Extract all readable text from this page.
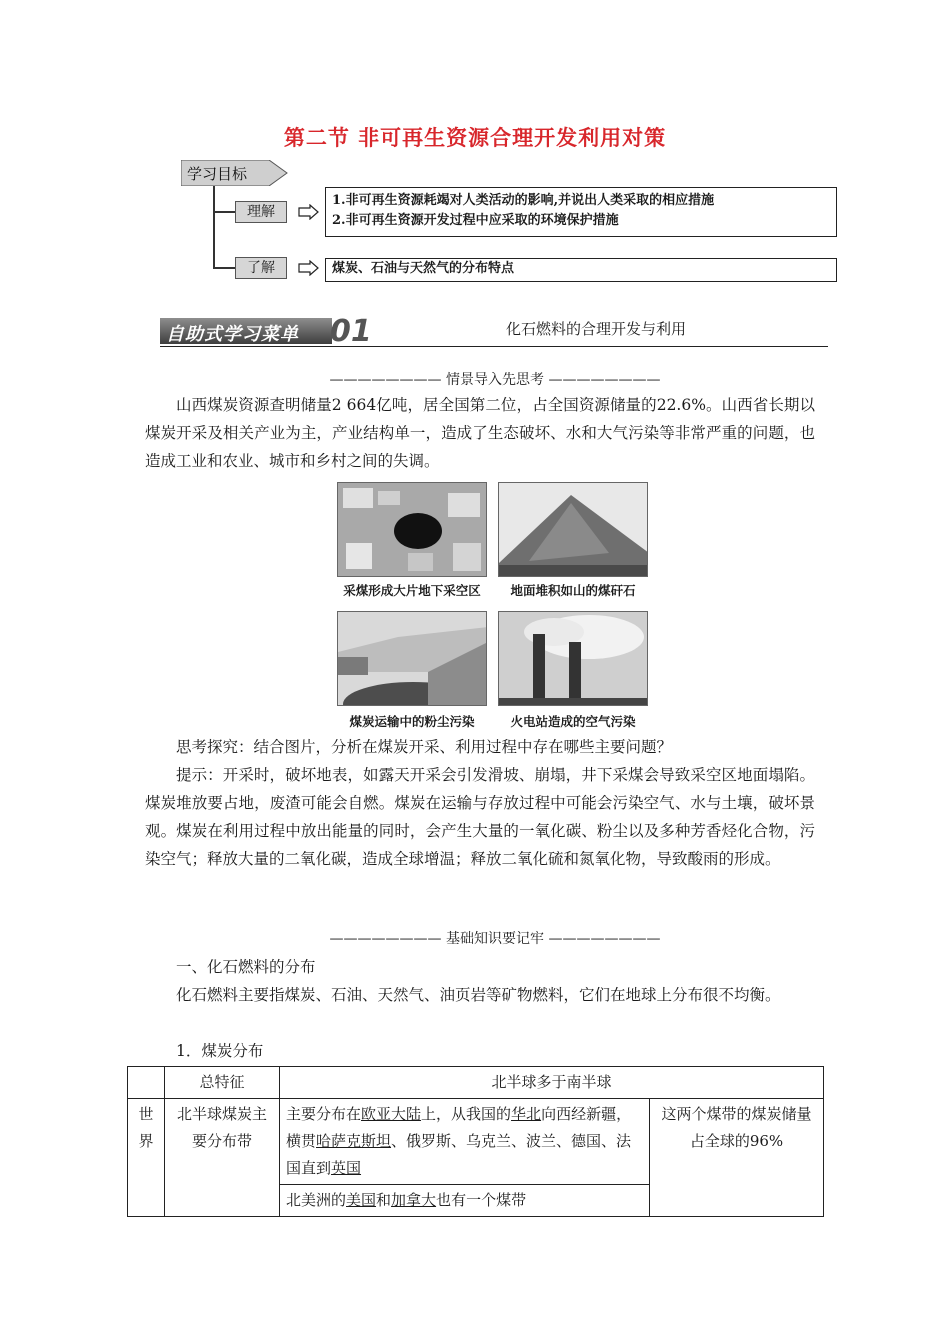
第二节 非可再生资源合理开发利用对策
学习目标
理解
了解
1.非可再生资源耗竭对人类活动的影响,并说出人类采取的相应措施
2.非可再生资源开发过程中应采取的环境保护措施
煤炭、石油与天然气的分布特点
自助式学习菜单 01	化石燃料的合理开发与利用
———————— 情景导入先思考 ————————
山西煤炭资源查明储量2 664亿吨，居全国第二位，占全国资源储量的22.6%。山西省长期以煤炭开采及相关产业为主，产业结构单一，造成了生态破坏、水和大气污染等非常严重的问题，也造成工业和农业、城市和乡村之间的失调。
采煤形成大片地下采空区	地面堆积如山的煤矸石
煤炭运输中的粉尘污染	火电站造成的空气污染
思考探究：结合图片，分析在煤炭开采、利用过程中存在哪些主要问题？
提示：开采时，破坏地表，如露天开采会引发滑坡、崩塌，井下采煤会导致采空区地面塌陷。煤炭堆放要占地，废渣可能会自燃。煤炭在运输与存放过程中可能会污染空气、水与土壤，破坏景观。煤炭在利用过程中放出能量的同时，会产生大量的一氧化碳、粉尘以及多种芳香烃化合物，污染空气；释放大量的二氧化碳，造成全球增温；释放二氧化硫和氮氧化物，导致酸雨的形成。
———————— 基础知识要记牢 ————————
一、化石燃料的分布
化石燃料主要指煤炭、石油、天然气、油页岩等矿物燃料，它们在地球上分布很不均衡。
1．煤炭分布
	总特征	北半球多于南半球	
世界	北半球煤炭主要分布带	主要分布在欧亚大陆上，从我国的华北向西经新疆，横贯哈萨克斯坦、俄罗斯、乌克兰、波兰、德国、法国直到英国	这两个煤带的煤炭储量占全球的96%
		北美洲的美国和加拿大也有一个煤带	
